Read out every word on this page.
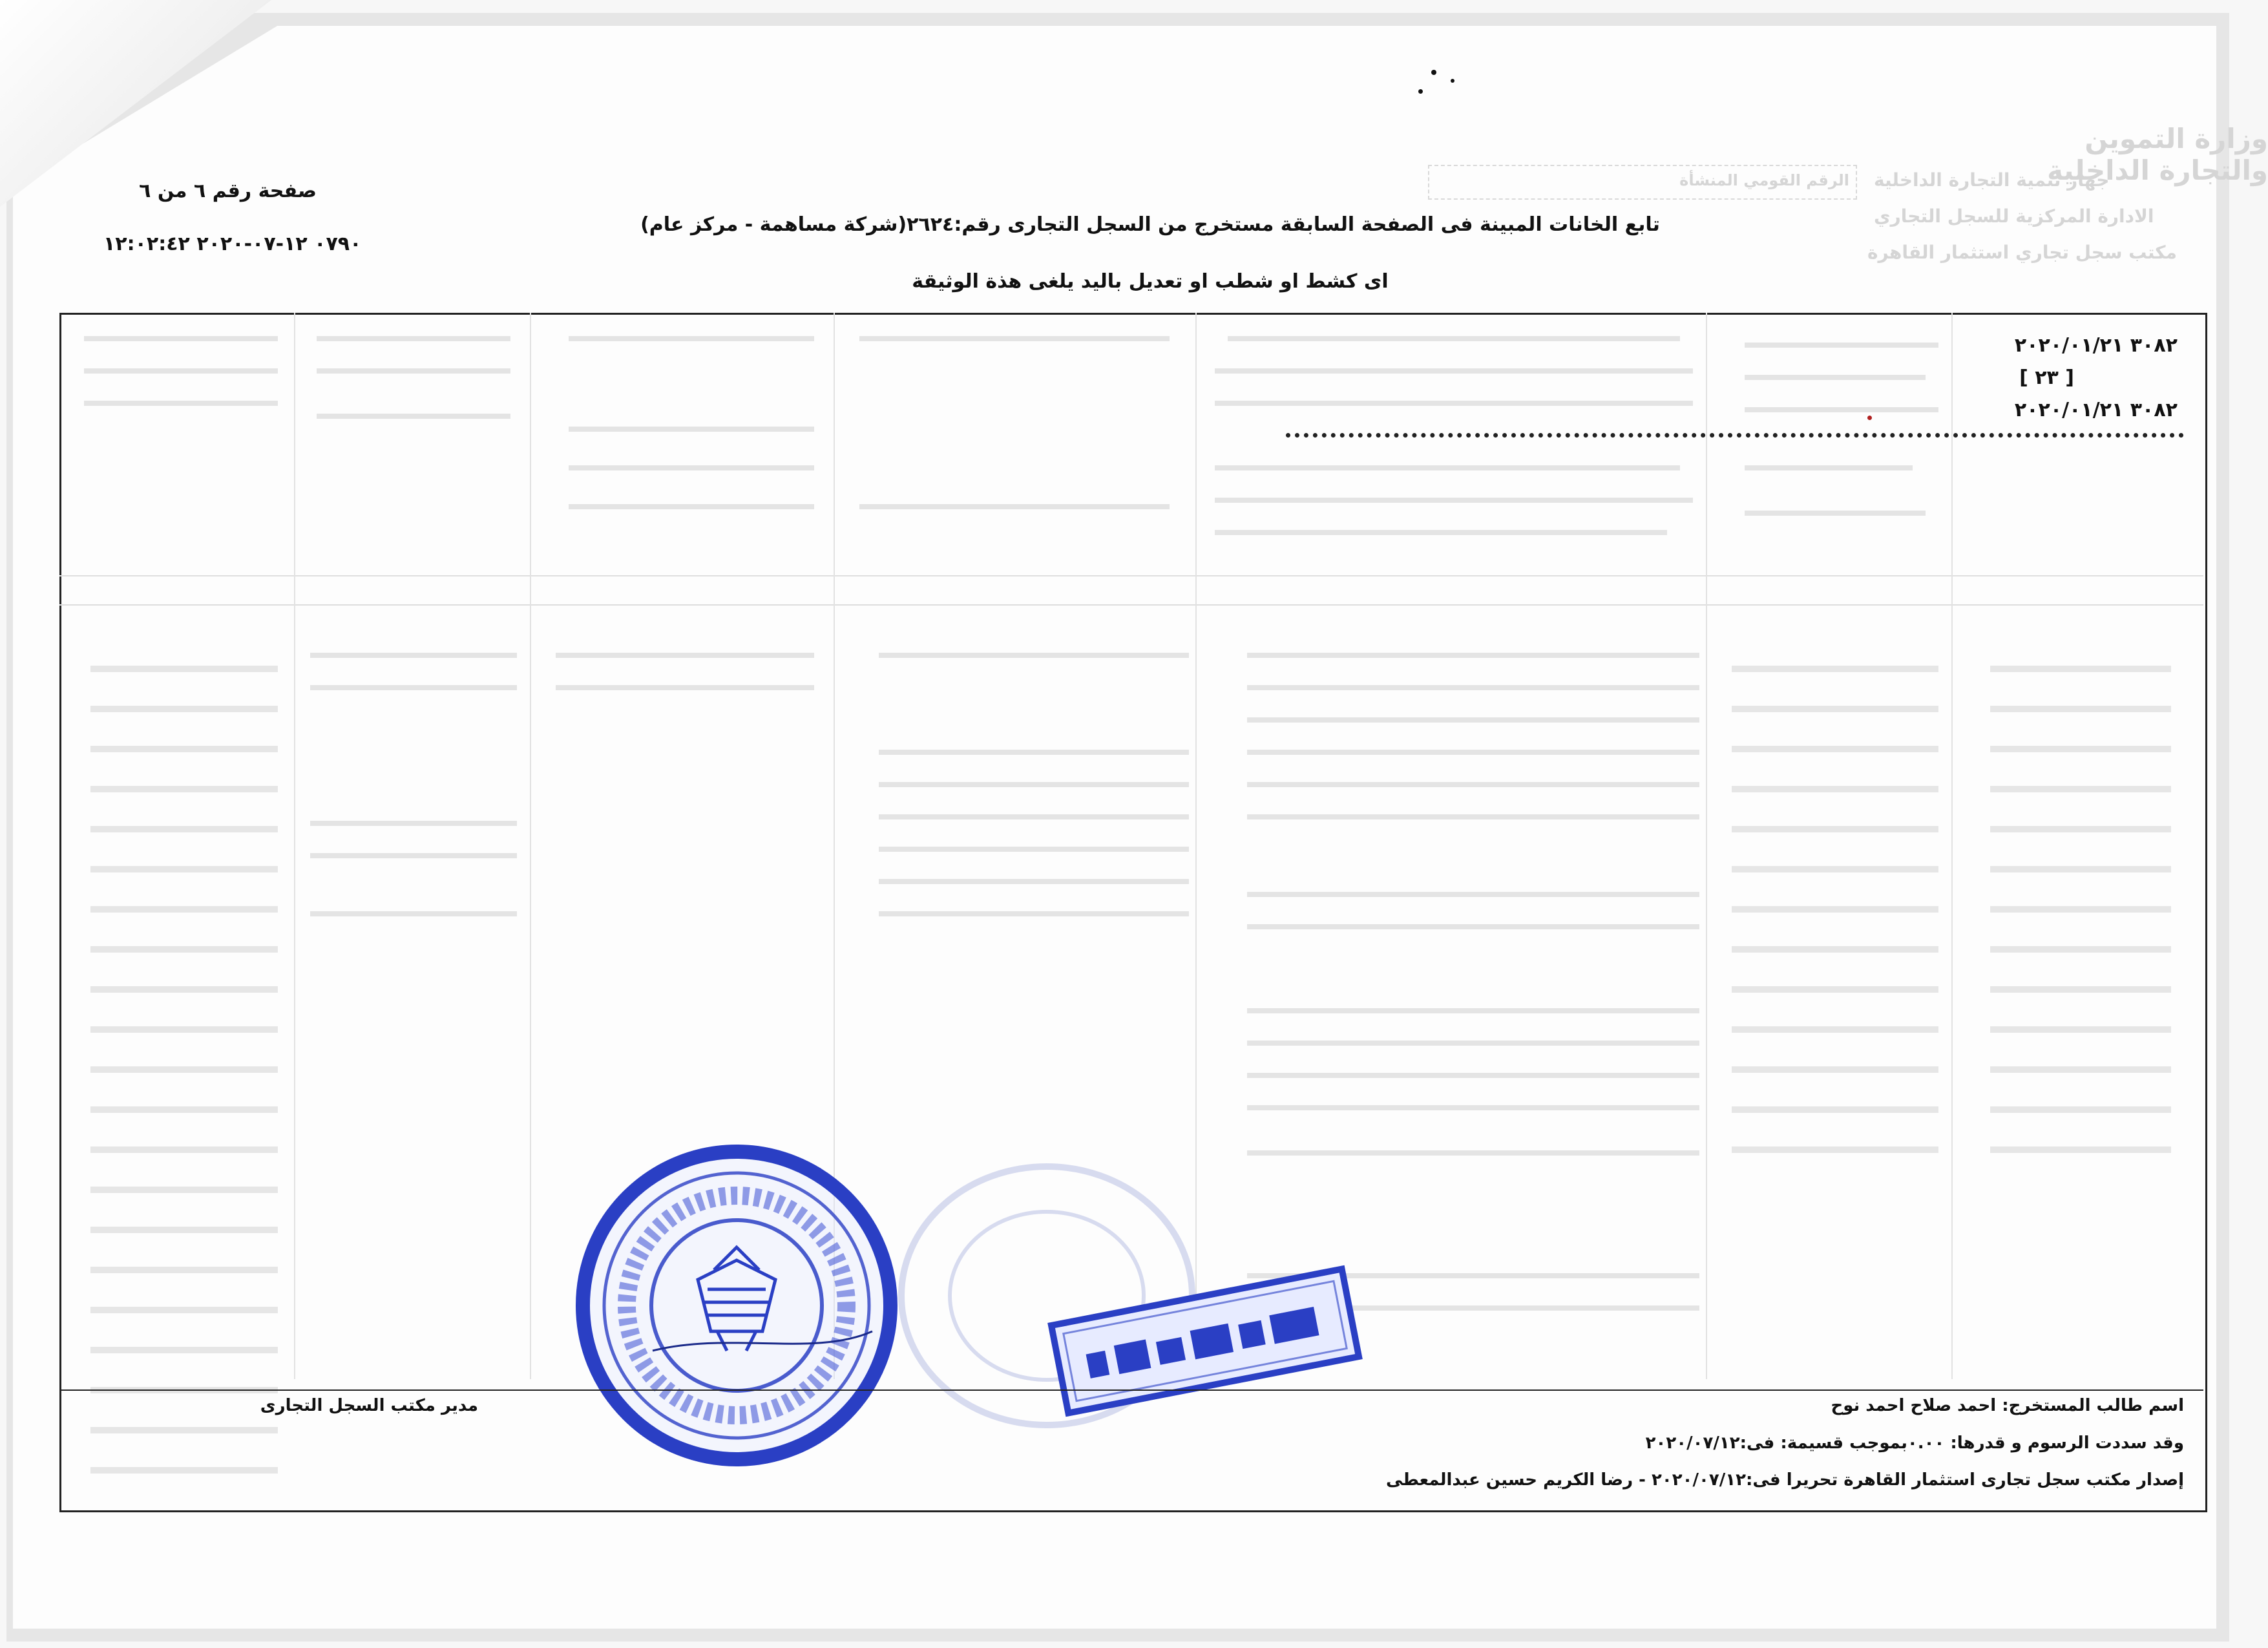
وزارة التموين والتجارة الداخلية
جهاز تنمية التجارة الداخلية
الادارة المركزية للسجل التجاري
مكتب سجل تجاري استثمار القاهرة
الرقم القومي المنشأة
صفحة رقم ٦ من ٦
٠٧٩٠ ١٢-٠٧-٢٠٢٠ ١٢:٠٢:٤٢
تابع الخانات المبينة فى الصفحة السابقة مستخرج من السجل التجارى رقم:٢٦٢٤(شركة مساهمة - مركز عام)
اى كشط او شطب او تعديل باليد يلغى هذة الوثيقة
٣٠٨٢ ٢٠٢٠/٠١/٢١
[ ٢٣ ]
٣٠٨٢ ٢٠٢٠/٠١/٢١
اسم طالب المستخرج: احمد صلاح احمد نوح
وقد سددت الرسوم و قدرها: ٠.٠٠بموجب قسيمة: فى:٢٠٢٠/٠٧/١٢
إصدار مكتب سجل تجارى استثمار القاهرة تحريرا فى:٢٠٢٠/٠٧/١٢ - رضا الكريم حسين عبدالمعطى
مدير مكتب السجل التجارى
